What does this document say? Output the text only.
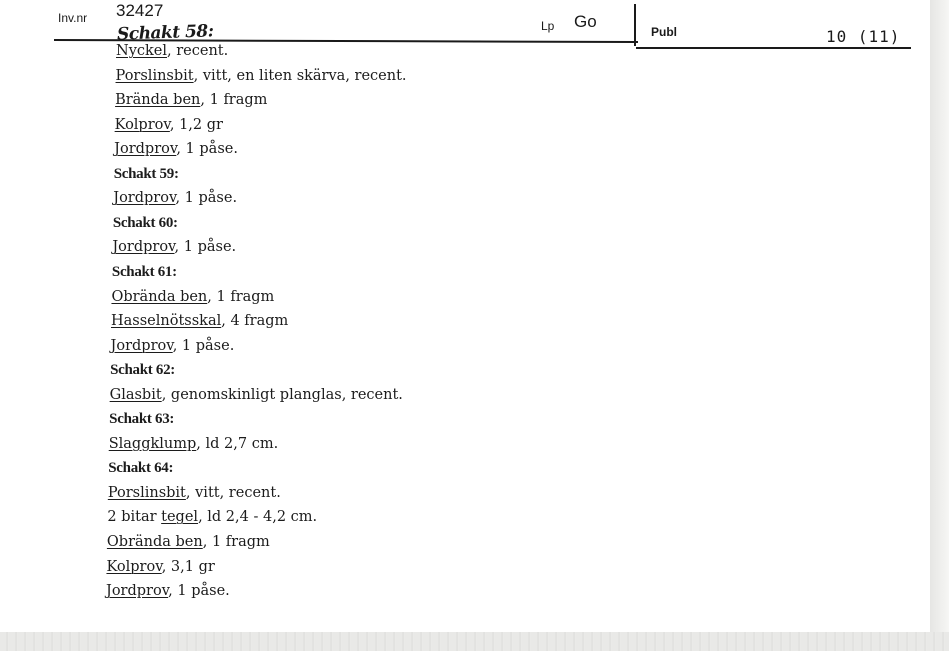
Inv.nr 32427
Lp Go
Publ	10 (11)
Schakt 58:
Nyckel, recent.
Porslinsbit, vitt, en liten skärva, recent.
Brända ben, 1 fragm
Kolprov, 1,2 gr
Jordprov, 1 påse.
Schakt 59:
Jordprov, 1 påse.
Schakt 60:
Jordprov, 1 påse.
Schakt 61:
Obrända ben, 1 fragm
Hasselnötsskal, 4 fragm
Jordprov, 1 påse.
Schakt 62:
Glasbit, genomskinligt planglas, recent.
Schakt 63:
Slaggklump, ld 2,7 cm.
Schakt 64:
Porslinsbit, vitt, recent.
2 bitar tegel, ld 2,4 - 4,2 cm.
Obrända ben, 1 fragm
Kolprov, 3,1 gr
Jordprov, 1 påse.
